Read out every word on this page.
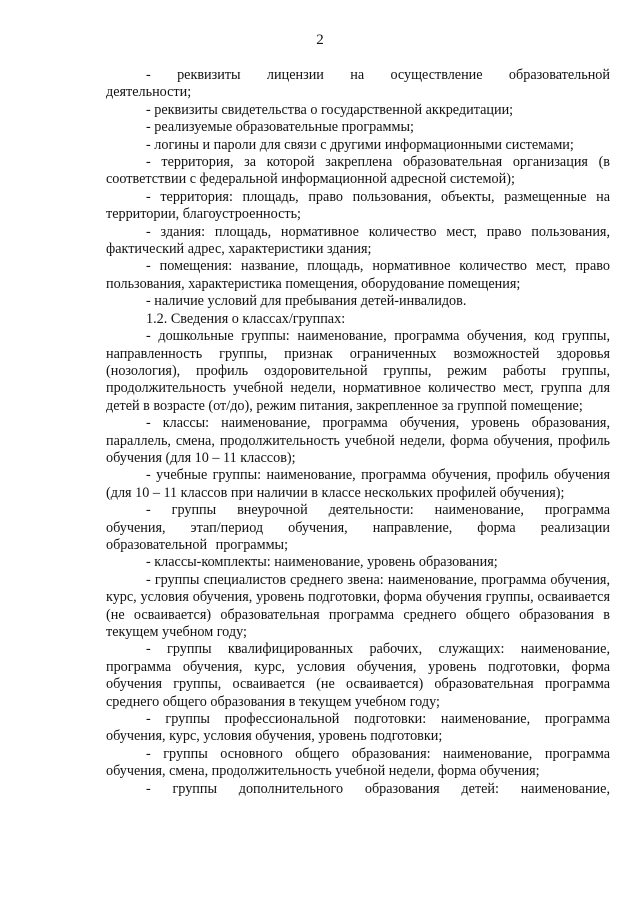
2

- реквизиты лицензии на осуществление образовательной деятельности;

- реквизиты свидетельства о государственной аккредитации;

- реализуемые образовательные программы;

- логины и пароли для связи с другими информационными системами;

- территория, за которой закреплена образовательная организация (в соответствии с федеральной информационной адресной системой);

- территория: площадь, право пользования, объекты, размещенные на территории, благоустроенность;

- здания: площадь, нормативное количество мест, право пользования, фактический адрес, характеристики здания;

- помещения: название, площадь, нормативное количество мест, право пользования, характеристика помещения, оборудование помещения;

- наличие условий для пребывания детей-инвалидов.

1.2. Сведения о классах/группах:

- дошкольные группы: наименование, программа обучения, код группы, направленность группы, признак ограниченных возможностей здоровья (нозология), профиль оздоровительной группы, режим работы группы, продолжительность учебной недели, нормативное количество мест, группа для детей в возрасте (от/до), режим питания, закрепленное за группой помещение;

- классы: наименование, программа обучения, уровень образования, параллель, смена, продолжительность учебной недели, форма обучения, профиль обучения (для 10 – 11 классов);

- учебные группы: наименование, программа обучения, профиль обучения (для 10 – 11 классов при наличии в классе нескольких профилей обучения);

- группы внеурочной деятельности: наименование, программа обучения, этап/период обучения, направление, форма реализации образовательной программы;

- классы-комплекты: наименование, уровень образования;

- группы специалистов среднего звена: наименование, программа обучения, курс, условия обучения, уровень подготовки, форма обучения группы, осваивается (не осваивается) образовательная программа среднего общего образования в текущем учебном году;

- группы квалифицированных рабочих, служащих: наименование, программа обучения, курс, условия обучения, уровень подготовки, форма обучения группы, осваивается (не осваивается) образовательная программа среднего общего образования в текущем учебном году;

- группы профессиональной подготовки: наименование, программа обучения, курс, условия обучения, уровень подготовки;

- группы основного общего образования: наименование, программа обучения, смена, продолжительность учебной недели, форма обучения;

- группы дополнительного образования детей: наименование,
